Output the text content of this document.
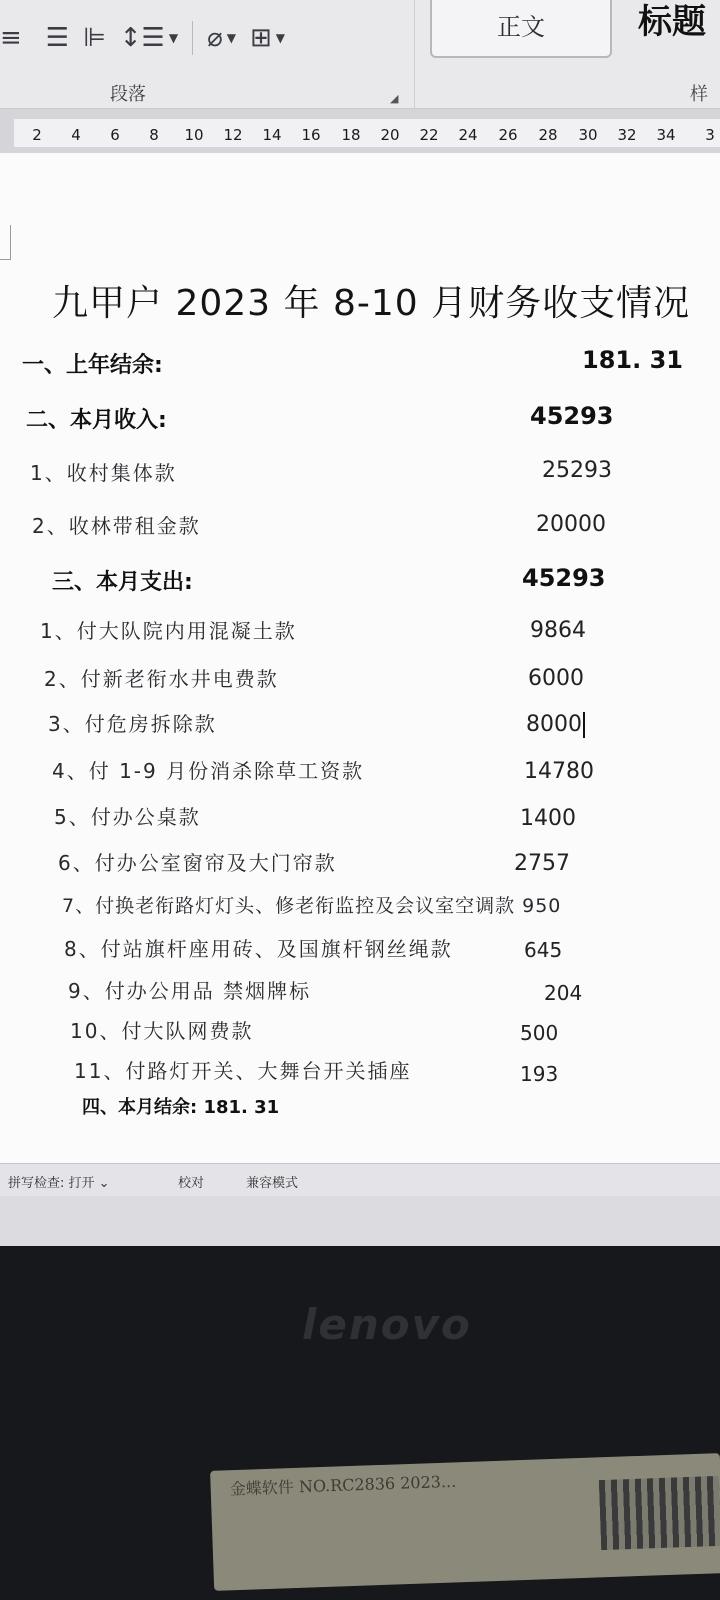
≡ ☰ ⊫ ↕☰ ▼ ⌀ ▼ ⊞ ▼
段落	◢
正文	标题
样
2 4 6 8 10 12 14 16 18 20 22 24 26 28 30 32 34 3
九甲户 2023 年 8-10 月财务收支情况
一、上年结余:	181. 31
二、本月收入:	45293
1、收村集体款	25293
2、收林带租金款	20000
三、本月支出:	45293
1、付大队院内用混凝土款	9864
2、付新老衔水井电费款	6000
3、付危房拆除款	8000
4、付 1-9 月份消杀除草工资款	14780
5、付办公桌款	1400
6、付办公室窗帘及大门帘款	2757
7、付换老衔路灯灯头、修老衔监控及会议室空调款 950
8、付站旗杆座用砖、及国旗杆钢丝绳款	645
9、付办公用品 禁烟牌标	204
10、付大队网费款	500
11、付路灯开关、大舞台开关插座	193
四、本月结余: 181. 31
拼写检查: 打开 ⌄	校对	兼容模式
lenovo
金蝶软件 NO.RC2836 2023...
